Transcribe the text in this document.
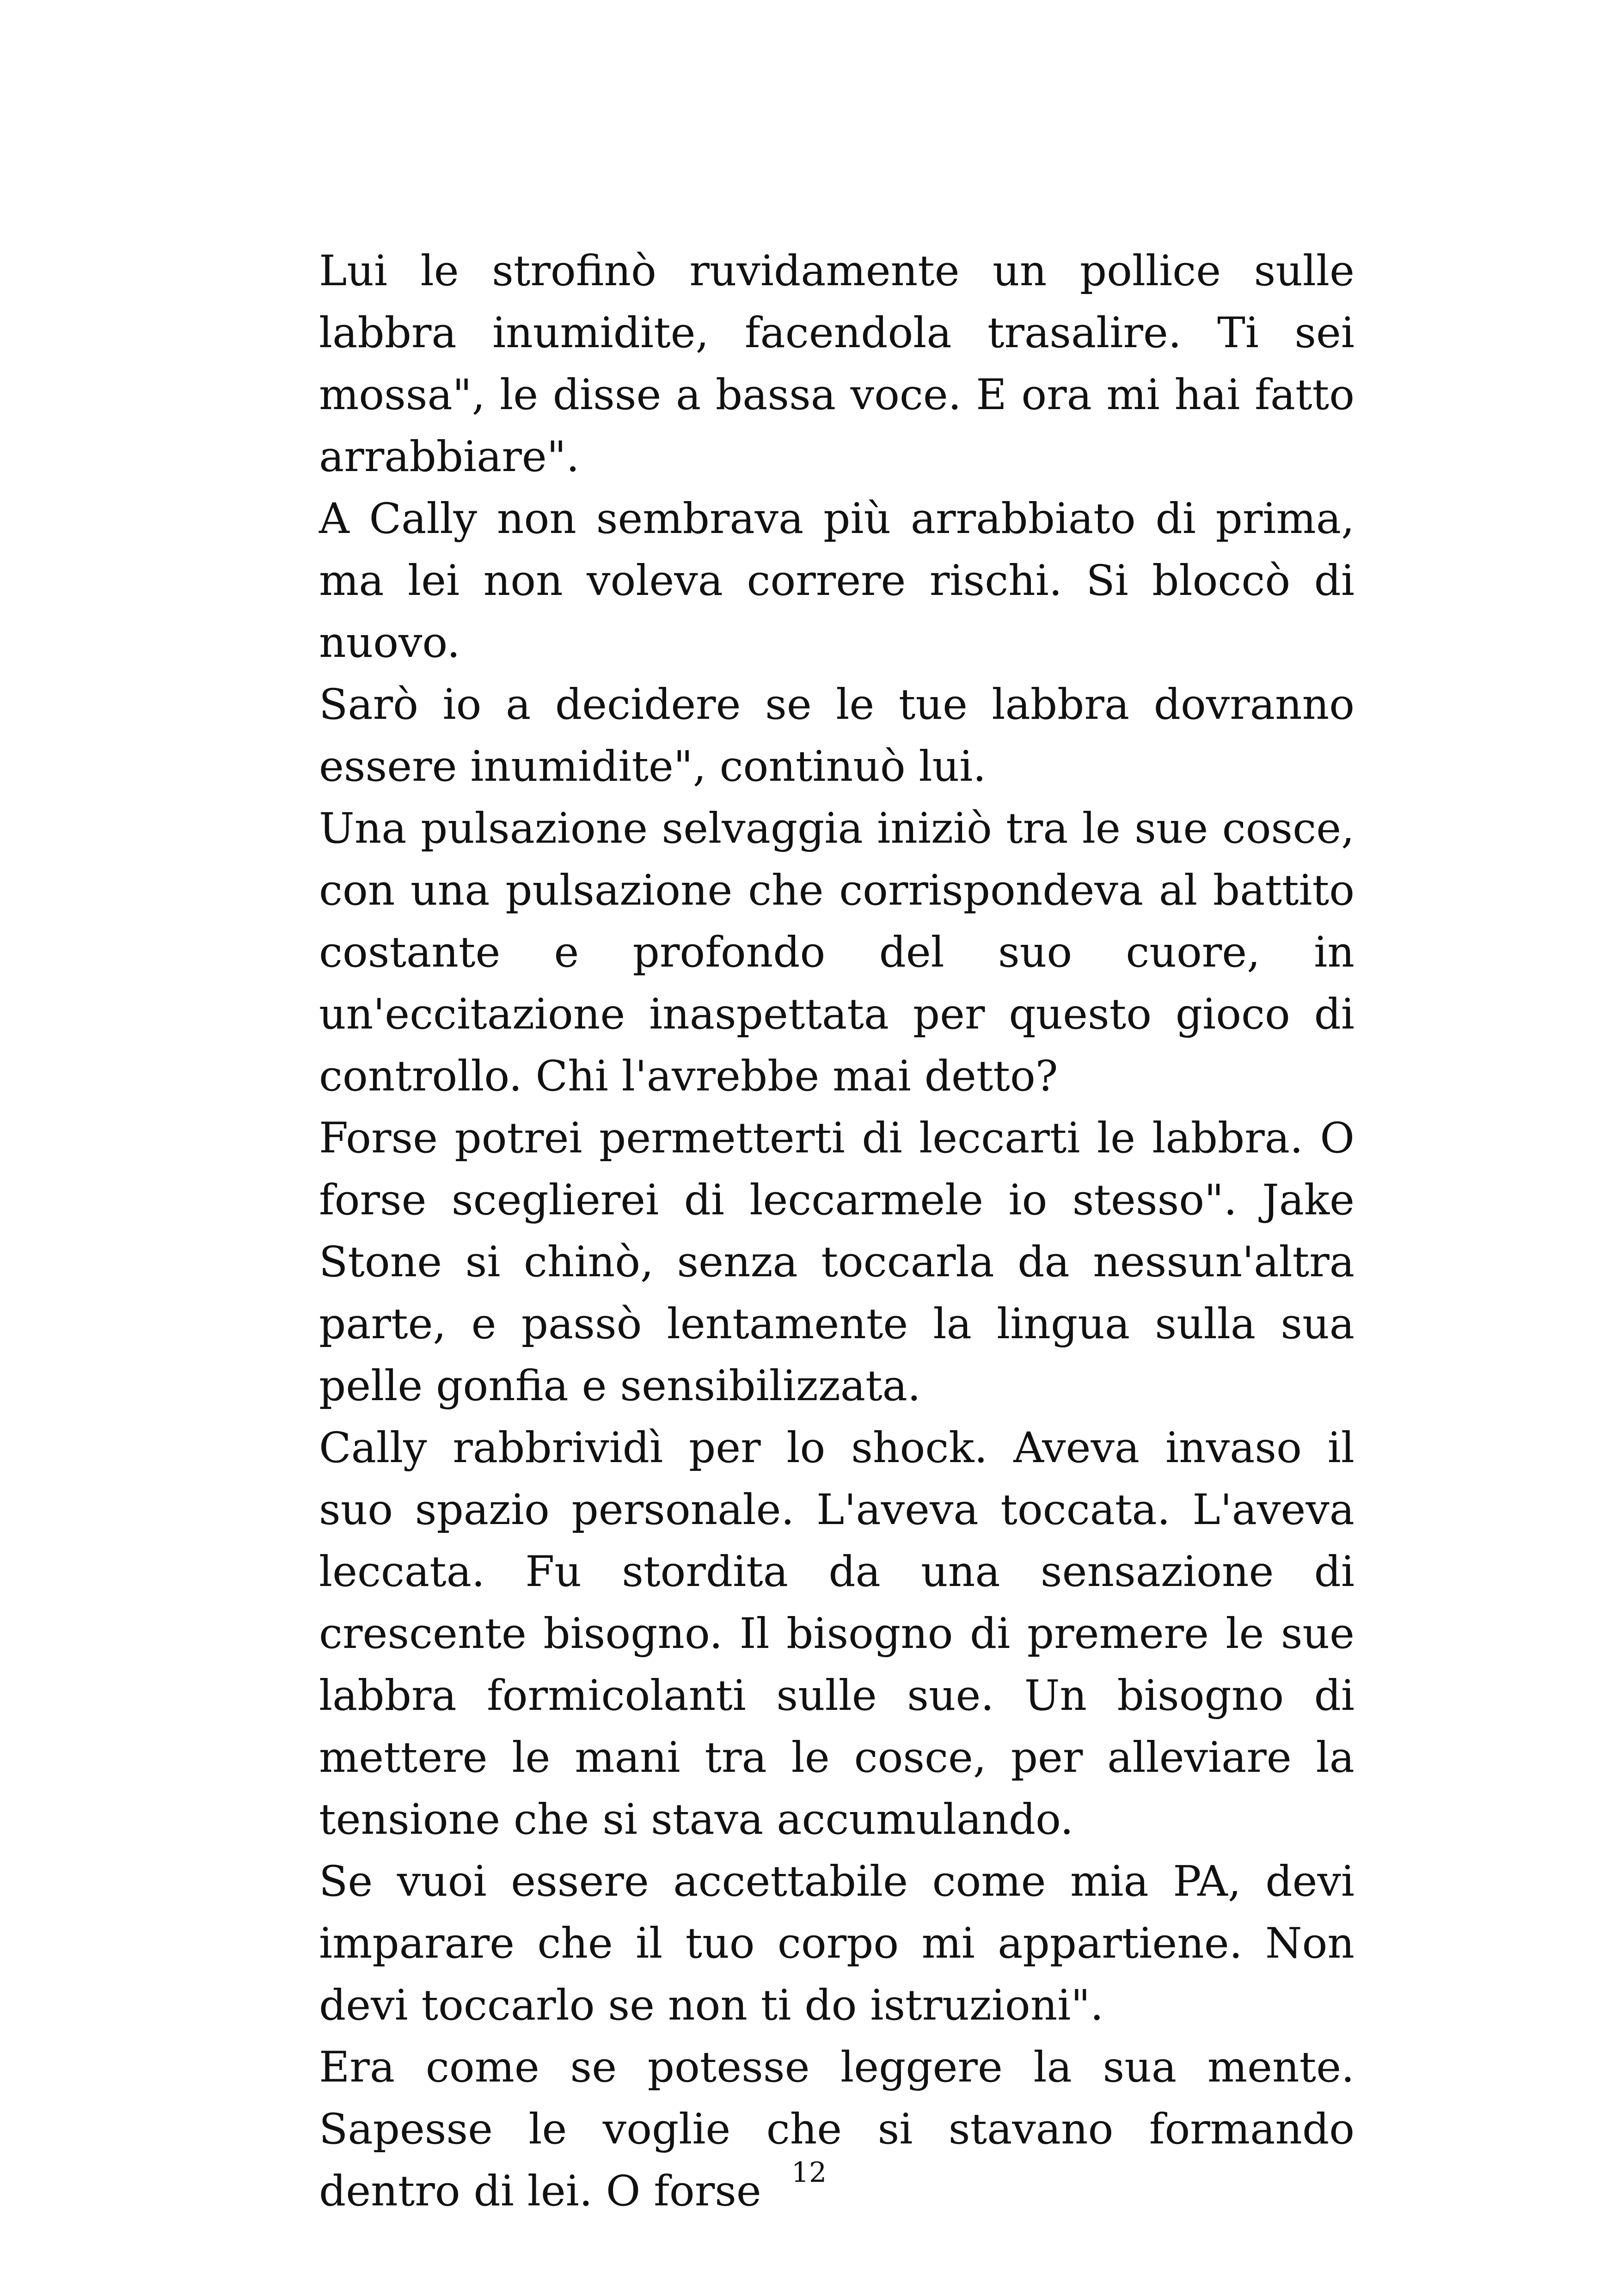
Lui le strofinò ruvidamente un pollice sulle labbra inumidite, facendola trasalire. Ti sei mossa", le disse a bassa voce. E ora mi hai fatto arrabbiare".

A Cally non sembrava più arrabbiato di prima, ma lei non voleva correre rischi. Si bloccò di nuovo.

Sarò io a decidere se le tue labbra dovranno essere inumidite", continuò lui.

Una pulsazione selvaggia iniziò tra le sue cosce, con una pulsazione che corrispondeva al battito costante e profondo del suo cuore, in un'eccitazione inaspettata per questo gioco di controllo. Chi l'avrebbe mai detto?

Forse potrei permetterti di leccarti le labbra. O forse sceglierei di leccarmele io stesso". Jake Stone si chinò, senza toccarla da nessun'altra parte, e passò lentamente la lingua sulla sua pelle gonfia e sensibilizzata.

Cally rabbrividì per lo shock. Aveva invaso il suo spazio personale. L'aveva toccata. L'aveva leccata. Fu stordita da una sensazione di crescente bisogno. Il bisogno di premere le sue labbra formicolanti sulle sue. Un bisogno di mettere le mani tra le cosce, per alleviare la tensione che si stava accumulando.

Se vuoi essere accettabile come mia PA, devi imparare che il tuo corpo mi appartiene. Non devi toccarlo se non ti do istruzioni".

Era come se potesse leggere la sua mente. Sapesse le voglie che si stavano formando dentro di lei. O forse	12
